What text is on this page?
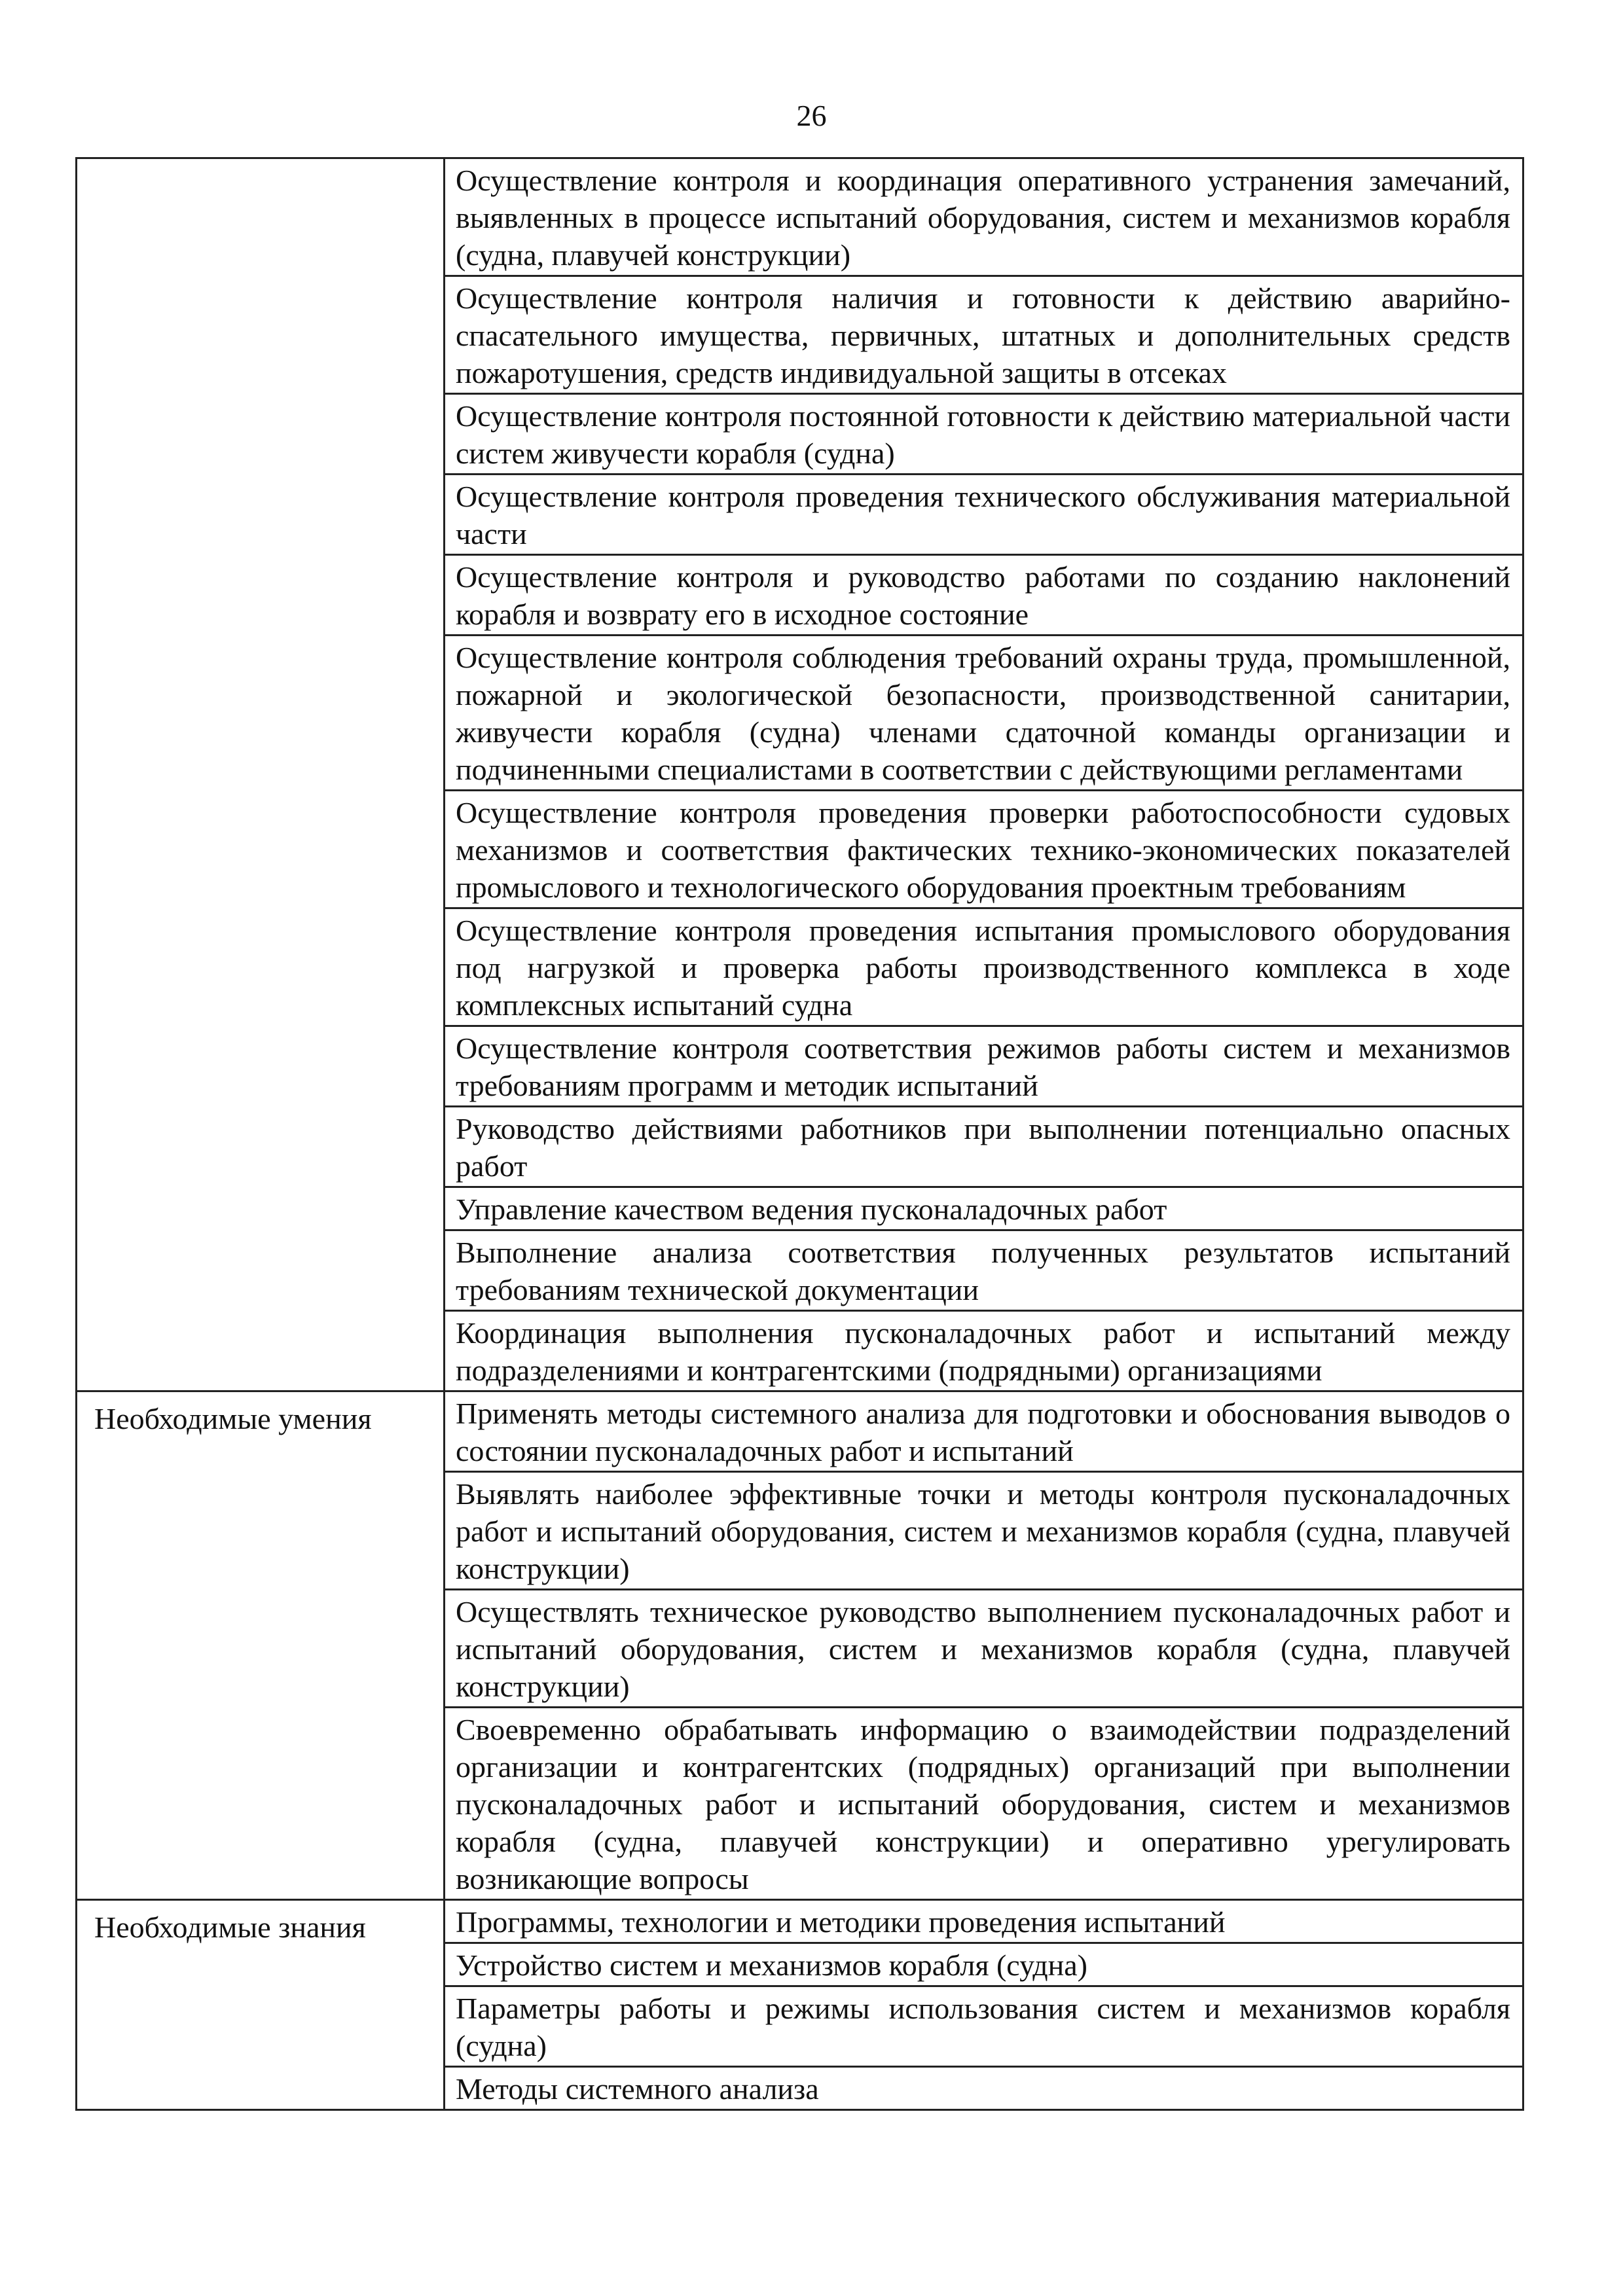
26
	Осуществление контроля и координация оперативного устранения замечаний, выявленных в процессе испытаний оборудования, систем и механизмов корабля (судна, плавучей конструкции)
	Осуществление контроля наличия и готовности к действию аварийно-спасательного имущества, первичных, штатных и дополнительных средств пожаротушения, средств индивидуальной защиты в отсеках
	Осуществление контроля постоянной готовности к действию материальной части систем живучести корабля (судна)
	Осуществление контроля проведения технического обслуживания материальной части
	Осуществление контроля и руководство работами по созданию наклонений корабля и возврату его в исходное состояние
	Осуществление контроля соблюдения требований охраны труда, промышленной, пожарной и экологической безопасности, производственной санитарии, живучести корабля (судна) членами сдаточной команды организации и подчиненными специалистами в соответствии с действующими регламентами
	Осуществление контроля проведения проверки работоспособности судовых механизмов и соответствия фактических технико-экономических показателей промыслового и технологического оборудования проектным требованиям
	Осуществление контроля проведения испытания промыслового оборудования под нагрузкой и проверка работы производственного комплекса в ходе комплексных испытаний судна
	Осуществление контроля соответствия режимов работы систем и механизмов требованиям программ и методик испытаний
	Руководство действиями работников при выполнении потенциально опасных работ
	Управление качеством ведения пусконаладочных работ
	Выполнение анализа соответствия полученных результатов испытаний требованиям технической документации
	Координация выполнения пусконаладочных работ и испытаний между подразделениями и контрагентскими (подрядными) организациями
Необходимые умения	Применять методы системного анализа для подготовки и обоснования выводов о состоянии пусконаладочных работ и испытаний
	Выявлять наиболее эффективные точки и методы контроля пусконаладочных работ и испытаний оборудования, систем и механизмов корабля (судна, плавучей конструкции)
	Осуществлять техническое руководство выполнением пусконаладочных работ и испытаний оборудования, систем и механизмов корабля (судна, плавучей конструкции)
	Своевременно обрабатывать информацию о взаимодействии подразделений организации и контрагентских (подрядных) организаций при выполнении пусконаладочных работ и испытаний оборудования, систем и механизмов корабля (судна, плавучей конструкции) и оперативно урегулировать возникающие вопросы
Необходимые знания	Программы, технологии и методики проведения испытаний
	Устройство систем и механизмов корабля (судна)
	Параметры работы и режимы использования систем и механизмов корабля (судна)
	Методы системного анализа
